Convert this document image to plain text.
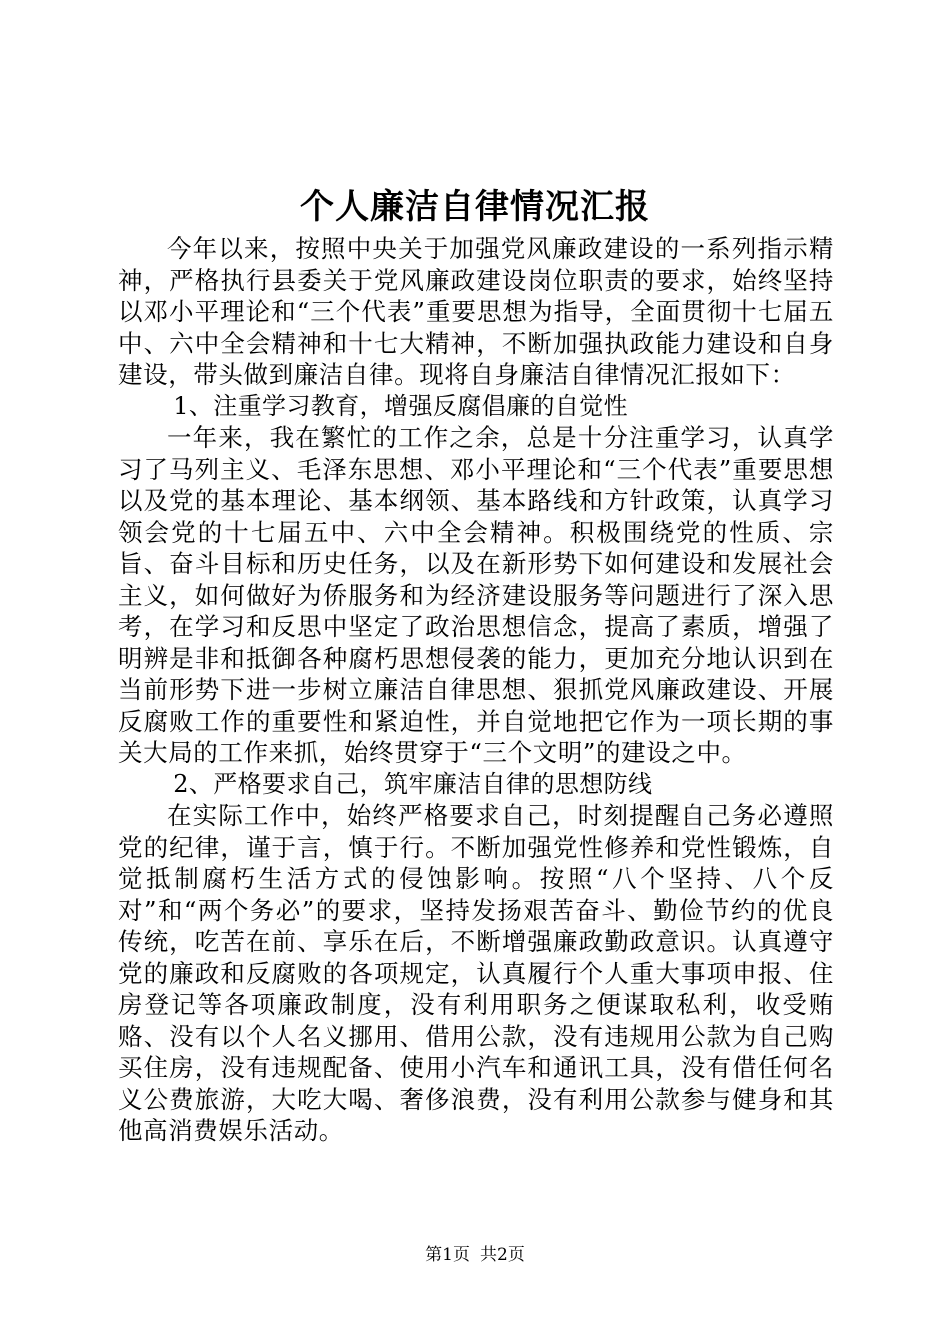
个人廉洁自律情况汇报

今年以来，按照中央关于加强党风廉政建设的一系列指示精神，严格执行县委关于党风廉政建设岗位职责的要求，始终坚持以邓小平理论和“三个代表”重要思想为指导，全面贯彻十七届五中、六中全会精神和十七大精神，不断加强执政能力建设和自身建设，带头做到廉洁自律。现将自身廉洁自律情况汇报如下：

1、注重学习教育，增强反腐倡廉的自觉性

一年来，我在繁忙的工作之余，总是十分注重学习，认真学习了马列主义、毛泽东思想、邓小平理论和“三个代表”重要思想以及党的基本理论、基本纲领、基本路线和方针政策，认真学习领会党的十七届五中、六中全会精神。积极围绕党的性质、宗旨、奋斗目标和历史任务，以及在新形势下如何建设和发展社会主义，如何做好为侨服务和为经济建设服务等问题进行了深入思考，在学习和反思中坚定了政治思想信念，提高了素质，增强了明辨是非和抵御各种腐朽思想侵袭的能力，更加充分地认识到在当前形势下进一步树立廉洁自律思想、狠抓党风廉政建设、开展反腐败工作的重要性和紧迫性，并自觉地把它作为一项长期的事关大局的工作来抓，始终贯穿于“三个文明”的建设之中。

2、严格要求自己，筑牢廉洁自律的思想防线

在实际工作中，始终严格要求自己，时刻提醒自己务必遵照党的纪律，谨于言，慎于行。不断加强党性修养和党性锻炼，自觉抵制腐朽生活方式的侵蚀影响。按照“八个坚持、八个反对”和“两个务必”的要求，坚持发扬艰苦奋斗、勤俭节约的优良传统，吃苦在前、享乐在后，不断增强廉政勤政意识。认真遵守党的廉政和反腐败的各项规定，认真履行个人重大事项申报、住房登记等各项廉政制度，没有利用职务之便谋取私利，收受贿赂、没有以个人名义挪用、借用公款，没有违规用公款为自己购买住房，没有违规配备、使用小汽车和通讯工具，没有借任何名义公费旅游，大吃大喝、奢侈浪费，没有利用公款参与健身和其他高消费娱乐活动。

第1页 共2页
